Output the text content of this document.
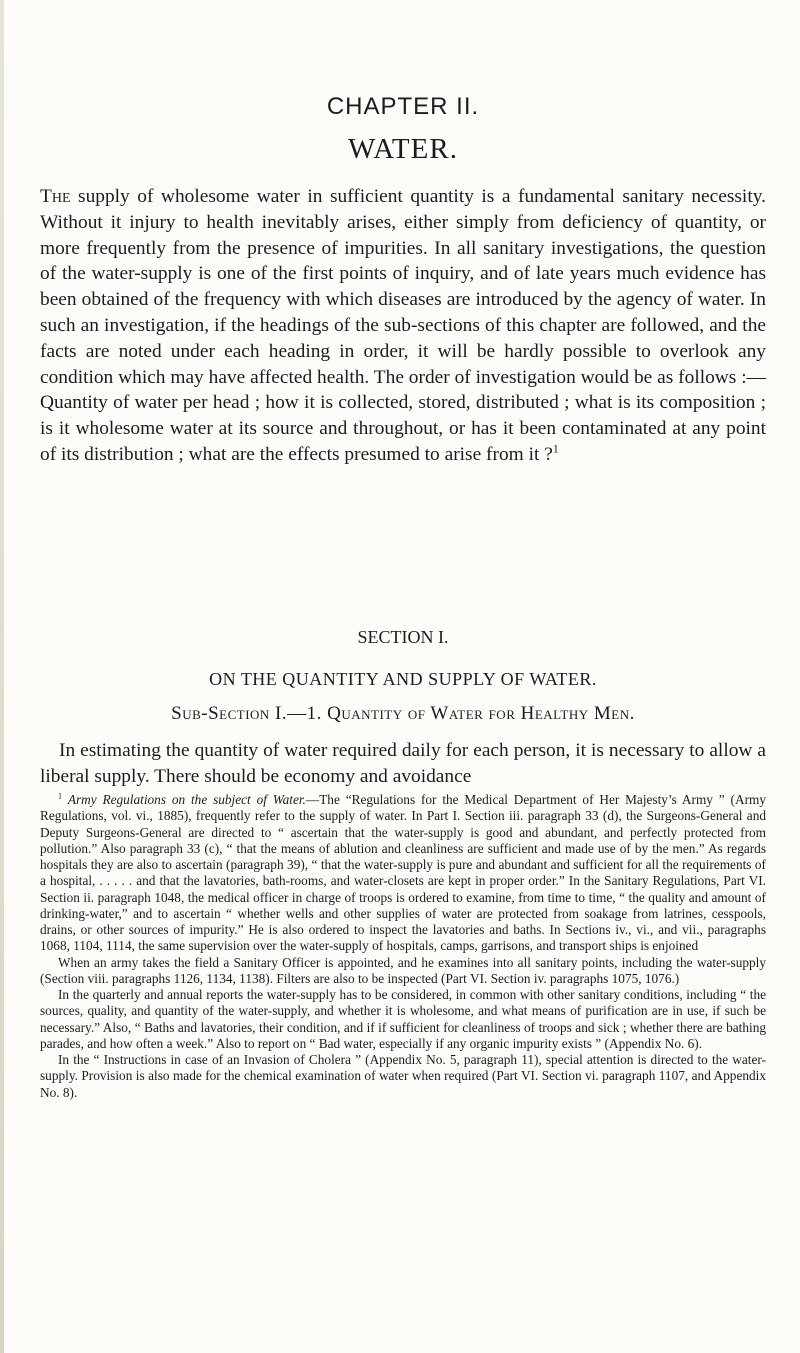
CHAPTER II.
WATER.
The supply of wholesome water in sufficient quantity is a fundamental sanitary necessity. Without it injury to health inevitably arises, either simply from deficiency of quantity, or more frequently from the presence of impurities. In all sanitary investigations, the question of the water-supply is one of the first points of inquiry, and of late years much evidence has been obtained of the frequency with which diseases are introduced by the agency of water. In such an investigation, if the headings of the sub-sections of this chapter are followed, and the facts are noted under each heading in order, it will be hardly possible to overlook any condition which may have affected health. The order of investigation would be as follows :—Quantity of water per head ; how it is collected, stored, distributed ; what is its composition ; is it wholesome water at its source and throughout, or has it been contaminated at any point of its distribution ; what are the effects presumed to arise from it ?$^1$
SECTION I.
ON THE QUANTITY AND SUPPLY OF WATER.
Sub-Section I.—1. Quantity of Water for Healthy Men.
In estimating the quantity of water required daily for each person, it is necessary to allow a liberal supply. There should be economy and avoidance

$^1$ Army Regulations on the subject of Water.—The “Regulations for the Medical Department of Her Majesty’s Army ” (Army Regulations, vol. vi., 1885), frequently refer to the supply of water. In Part I. Section iii. paragraph 33 (d), the Surgeons-General and Deputy Surgeons-General are directed to “ ascertain that the water-supply is good and abundant, and perfectly protected from pollution.” Also paragraph 33 (c), “ that the means of ablution and cleanliness are sufficient and made use of by the men.” As regards hospitals they are also to ascertain (paragraph 39), “ that the water-supply is pure and abundant and sufficient for all the requirements of a hospital, . . . . . and that the lavatories, bath-rooms, and water-closets are kept in proper order.” In the Sanitary Regulations, Part VI. Section ii. paragraph 1048, the medical officer in charge of troops is ordered to examine, from time to time, “ the quality and amount of drinking-water,” and to ascertain “ whether wells and other supplies of water are protected from soakage from latrines, cesspools, drains, or other sources of impurity.” He is also ordered to inspect the lavatories and baths. In Sections iv., vi., and vii., paragraphs 1068, 1104, 1114, the same supervision over the water-supply of hospitals, camps, garrisons, and transport ships is enjoined

When an army takes the field a Sanitary Officer is appointed, and he examines into all sanitary points, including the water-supply (Section viii. paragraphs 1126, 1134, 1138). Filters are also to be inspected (Part VI. Section iv. paragraphs 1075, 1076.)

In the quarterly and annual reports the water-supply has to be considered, in common with other sanitary conditions, including “ the sources, quality, and quantity of the water-supply, and whether it is wholesome, and what means of purification are in use, if such be necessary.” Also, “ Baths and lavatories, their condition, and if if sufficient for cleanliness of troops and sick ; whether there are bathing parades, and how often a week.” Also to report on “ Bad water, especially if any organic impurity exists ” (Appendix No. 6).

In the “ Instructions in case of an Invasion of Cholera ” (Appendix No. 5, paragraph 11), special attention is directed to the water-supply. Provision is also made for the chemical examination of water when required (Part VI. Section vi. paragraph 1107, and Appendix No. 8).
